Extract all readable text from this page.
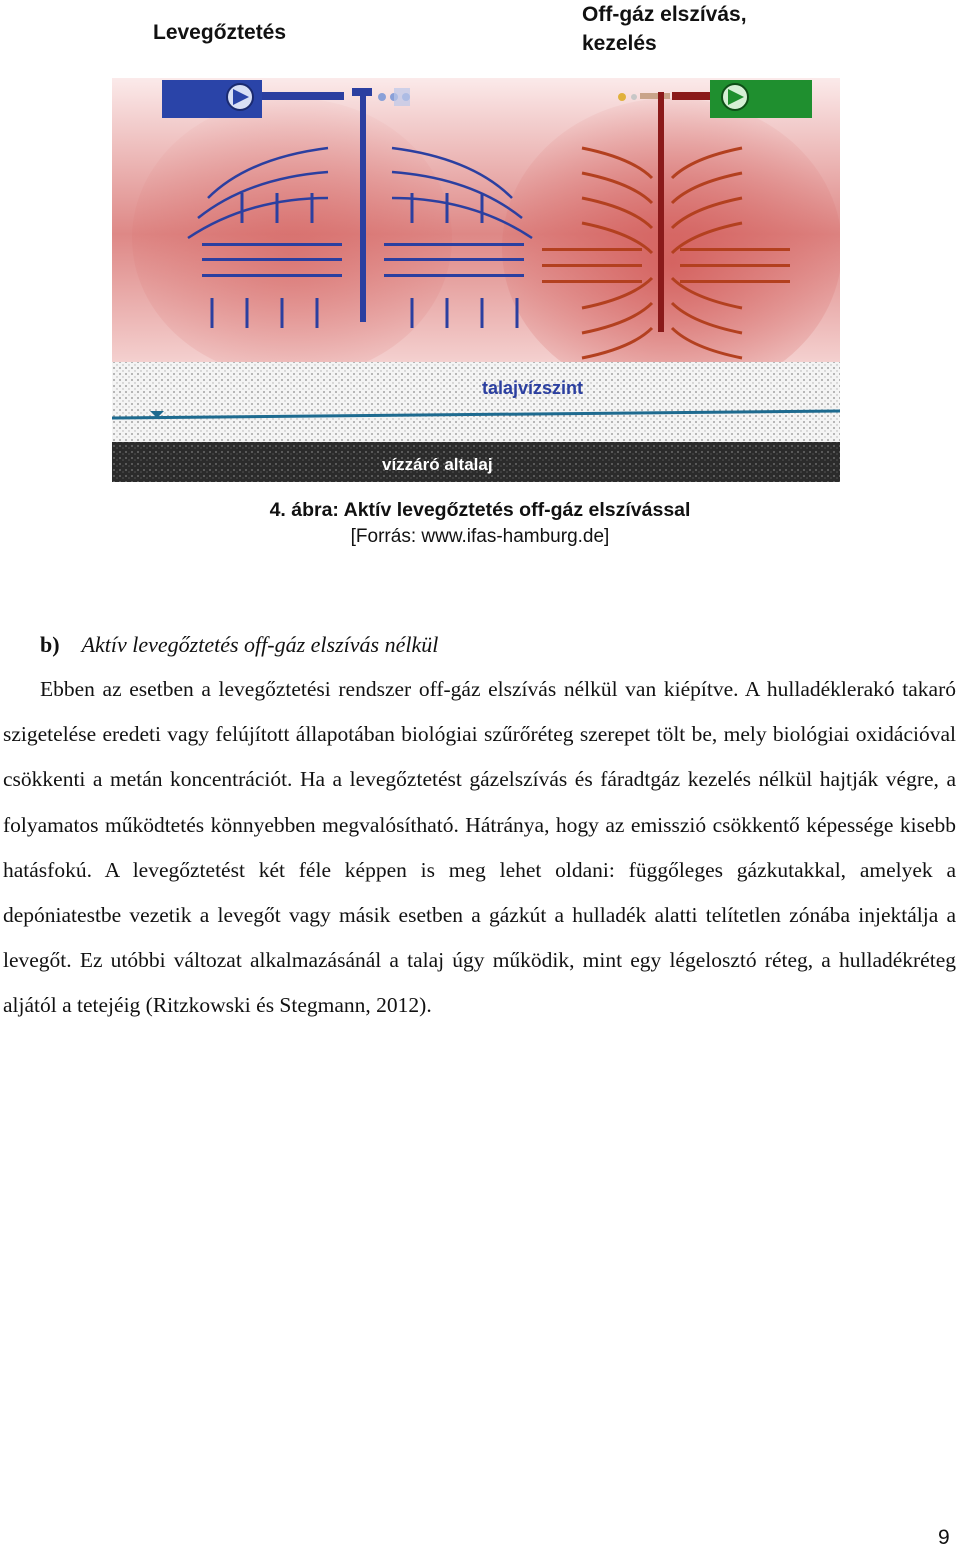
Levegőztetés
Off-gáz elszívás,
kezelés
talajvízszint
vízzáró altalaj
4. ábra: Aktív levegőztetés off-gáz elszívással
[Forrás: www.ifas-hamburg.de]
b) Aktív levegőztetés off-gáz elszívás nélkül
Ebben az esetben a levegőztetési rendszer off-gáz elszívás nélkül van kiépítve. A hulladéklerakó takaró szigetelése eredeti vagy felújított állapotában biológiai szűrőréteg szerepet tölt be, mely biológiai oxidációval csökkenti a metán koncentrációt. Ha a levegőztetést gázelszívás és fáradtgáz kezelés nélkül hajtják végre, a folyamatos működtetés könnyebben megvalósítható. Hátránya, hogy az emisszió csökkentő képessége kisebb hatásfokú. A levegőztetést két féle képpen is meg lehet oldani: függőleges gázkutakkal, amelyek a depóniatestbe vezetik a levegőt vagy másik esetben a gázkút a hulladék alatti telítetlen zónába injektálja a levegőt. Ez utóbbi változat alkalmazásánál a talaj úgy működik, mint egy légelosztó réteg, a hulladékréteg aljától a tetejéig (Ritzkowski és Stegmann, 2012).
9
